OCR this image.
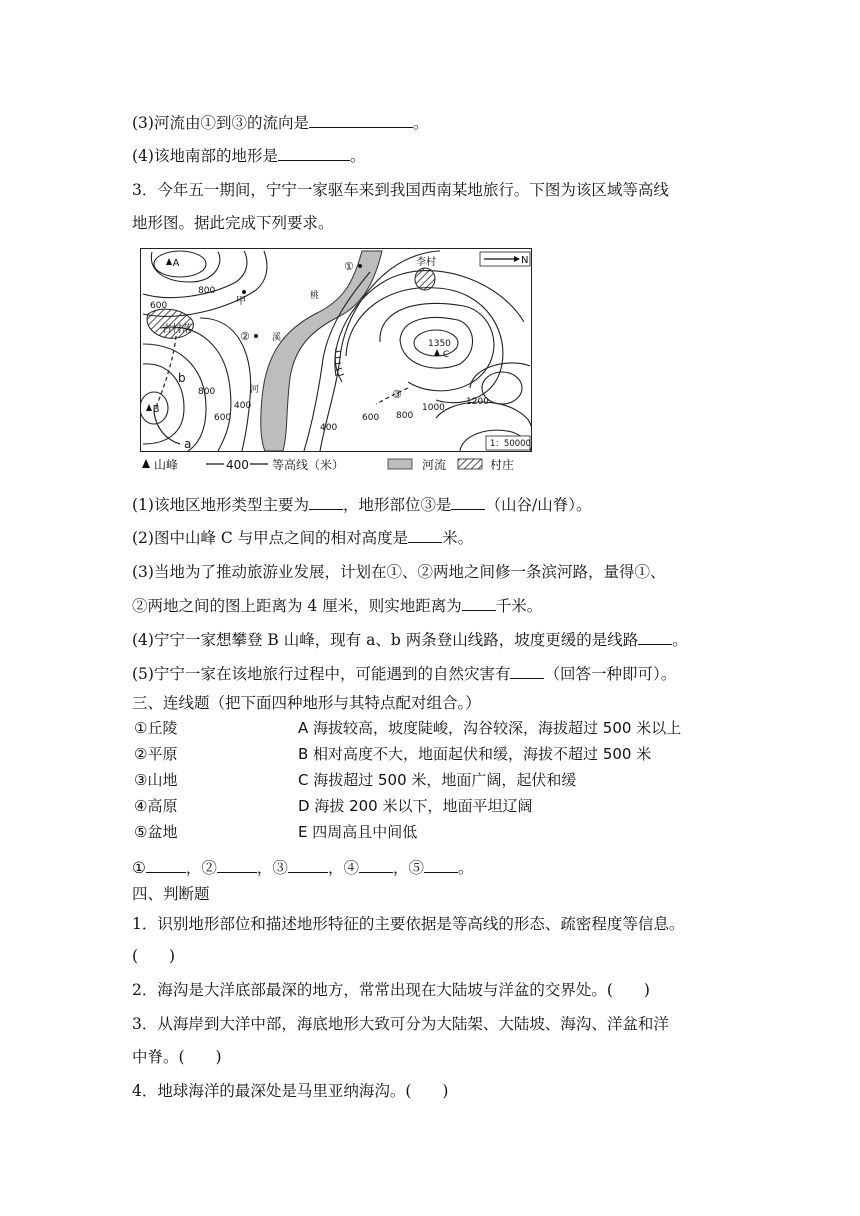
(3)河流由①到③的流向是	。
(4)该地南部的地形是	。
3．今年五一期间，宁宁一家驱车来到我国西南某地旅行。下图为该区域等高线
地形图。据此完成下列要求。
A
B
C
①
②
③
甲
李村
古村落
桃
溪
河
a
b
800
600
800
600
400
400
600 800
1000
1200
1350
N
1：50000
山峰	400 等高线（米）	河流	村庄
(1)该地区地形类型主要为 ，地形部位③是 （山谷/山脊）。
(2)图中山峰 C 与甲点之间的相对高度是 米。
(3)当地为了推动旅游业发展，计划在①、②两地之间修一条滨河路，量得①、
②两地之间的图上距离为 4 厘米，则实地距离为 千米。
(4)宁宁一家想攀登 B 山峰，现有 a、b 两条登山线路，坡度更缓的是线路 。
(5)宁宁一家在该地旅行过程中，可能遇到的自然灾害有 （回答一种即可）。
三、连线题（把下面四种地形与其特点配对组合。）
①丘陵	A 海拔较高，坡度陡峻，沟谷较深，海拔超过 500 米以上
②平原	B 相对高度不大，地面起伏和缓，海拔不超过 500 米
③山地	C 海拔超过 500 米，地面广阔，起伏和缓
④高原	D 海拔 200 米以下，地面平坦辽阔
⑤盆地	E 四周高且中间低
①	，②	，③	，④ ，⑤ 。
四、判断题
1．识别地形部位和描述地形特征的主要依据是等高线的形态、疏密程度等信息。
(　　)
2．海沟是大洋底部最深的地方，常常出现在大陆坡与洋盆的交界处。(　　)
3．从海岸到大洋中部，海底地形大致可分为大陆架、大陆坡、海沟、洋盆和洋
中脊。(　　)
4．地球海洋的最深处是马里亚纳海沟。(　　)
